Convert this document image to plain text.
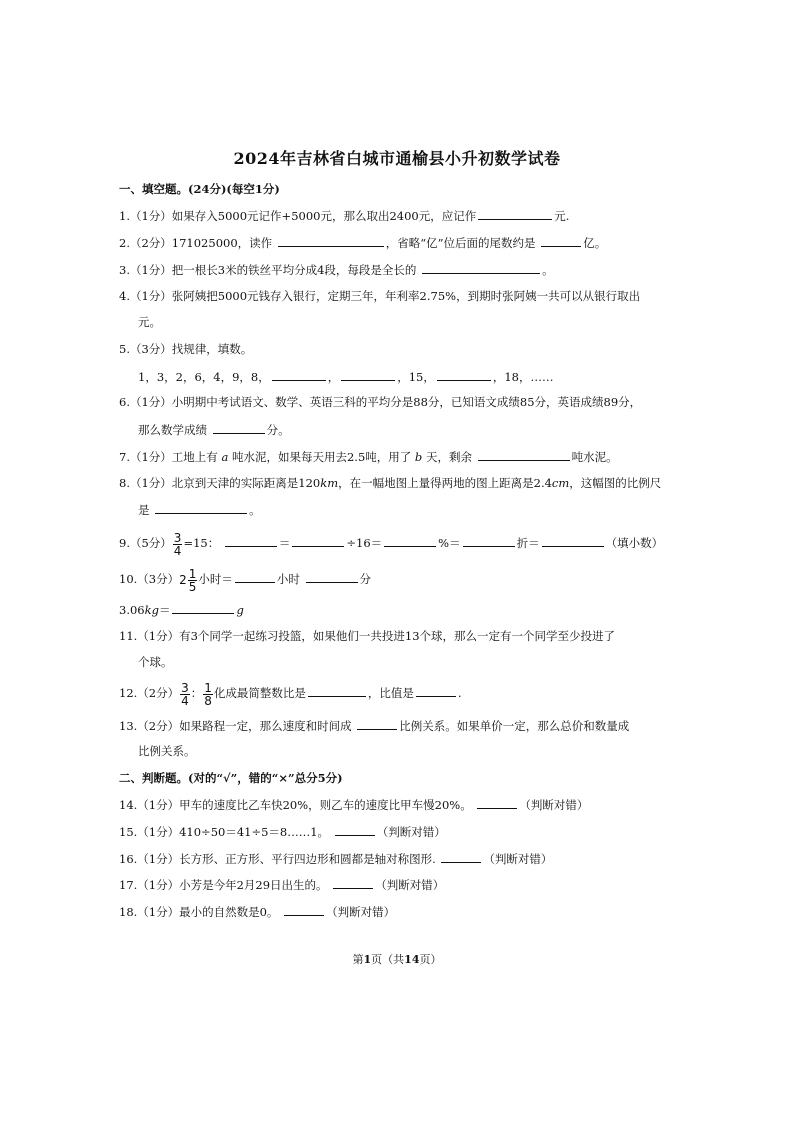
2024年吉林省白城市通榆县小升初数学试卷
一、填空题。(24分)(每空1分)
1.（1分）如果存入5000元记作+5000元，那么取出2400元，应记作	元.
2.（2分）171025000，读作	，省略“亿”位后面的尾数约是	亿。
3.（1分）把一根长3米的铁丝平均分成4段，每段是全长的	。
4.（1分）张阿姨把5000元钱存入银行，定期三年，年利率2.75%，到期时张阿姨一共可以从银行取出
元。
5.（3分）找规律，填数。
1，3，2，6，4，9，8，	，	，15，	，18，……
6.（1分）小明期中考试语文、数学、英语三科的平均分是88分，已知语文成绩85分，英语成绩89分，
那么数学成绩	分。
7.（1分）工地上有 a 吨水泥，如果每天用去2.5吨，用了 b 天，剩余	吨水泥。
8.（1分）北京到天津的实际距离是120km，在一幅地图上量得两地的图上距离是2.4cm，这幅图的比例尺
是	。
9.（5分） $\frac{3}{4} =15$：	＝	÷16＝	%＝	折＝	（填小数）
10.（3分）$2 \frac{1}{5}$ 小时＝	小时	分
3.06kg＝	g
11.（1分）有3个同学一起练习投篮，如果他们一共投进13个球，那么一定有一个同学至少投进了
个球。
12.（2分） $\frac{3}{4}$ ： $\frac{1}{8}$ 化成最简整数比是	，比值是	.
13.（2分）如果路程一定，那么速度和时间成	比例关系。如果单价一定，那么总价和数量成
比例关系。
二、判断题。(对的“√”，错的“×”总分5分)
14.（1分）甲车的速度比乙车快20%，则乙车的速度比甲车慢20%。	（判断对错）
15.（1分）410÷50＝41÷5＝8……1。	（判断对错）
16.（1分）长方形、正方形、平行四边形和圆都是轴对称图形.	（判断对错）
17.（1分）小芳是今年2月29日出生的。	（判断对错）
18.（1分）最小的自然数是0。	（判断对错）
第1页（共14页）
